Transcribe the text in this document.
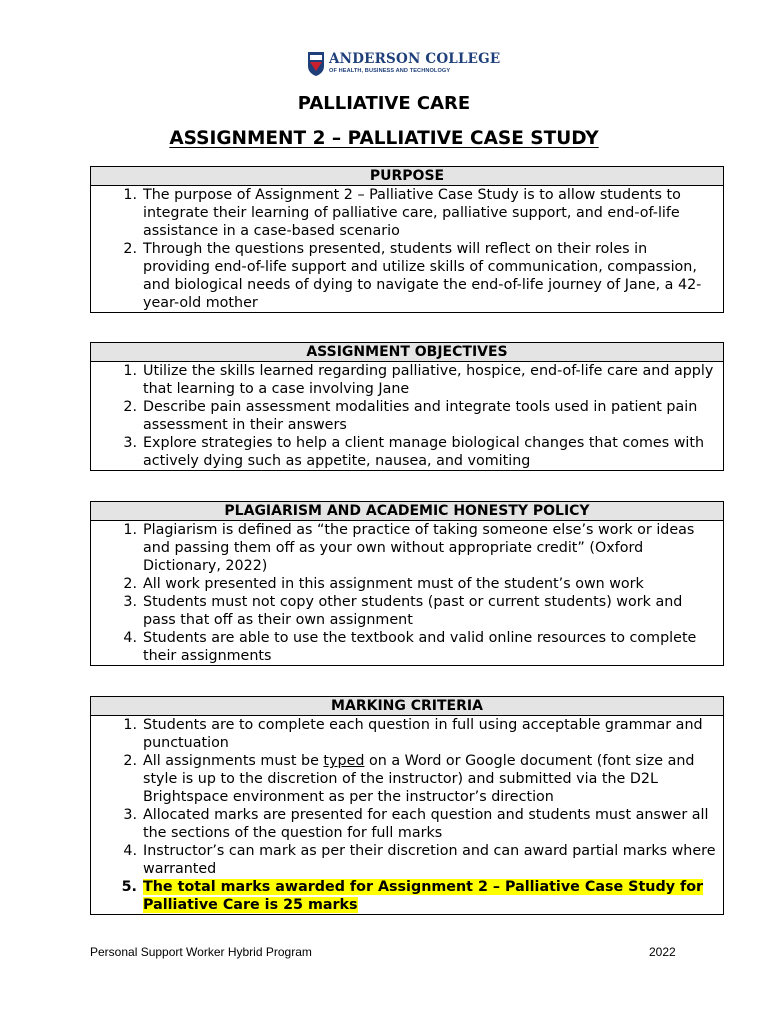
ANDERSON COLLEGE
OF HEALTH, BUSINESS AND TECHNOLOGY
PALLIATIVE CARE
ASSIGNMENT 2 – PALLIATIVE CASE STUDY
PURPOSE
1. The purpose of Assignment 2 – Palliative Case Study is to allow students to integrate their learning of palliative care, palliative support, and end-of-life assistance in a case-based scenario
2. Through the questions presented, students will reflect on their roles in providing end-of-life support and utilize skills of communication, compassion, and biological needs of dying to navigate the end-of-life journey of Jane, a 42-year-old mother
ASSIGNMENT OBJECTIVES
1. Utilize the skills learned regarding palliative, hospice, end-of-life care and apply that learning to a case involving Jane
2. Describe pain assessment modalities and integrate tools used in patient pain assessment in their answers
3. Explore strategies to help a client manage biological changes that comes with actively dying such as appetite, nausea, and vomiting
PLAGIARISM AND ACADEMIC HONESTY POLICY
1. Plagiarism is defined as “the practice of taking someone else’s work or ideas and passing them off as your own without appropriate credit” (Oxford Dictionary, 2022)
2. All work presented in this assignment must of the student’s own work
3. Students must not copy other students (past or current students) work and pass that off as their own assignment
4. Students are able to use the textbook and valid online resources to complete their assignments
MARKING CRITERIA
1. Students are to complete each question in full using acceptable grammar and punctuation
2. All assignments must be typed on a Word or Google document (font size and style is up to the discretion of the instructor) and submitted via the D2L Brightspace environment as per the instructor’s direction
3. Allocated marks are presented for each question and students must answer all the sections of the question for full marks
4. Instructor’s can mark as per their discretion and can award partial marks where warranted
5. The total marks awarded for Assignment 2 – Palliative Case Study for Palliative Care is 25 marks
Personal Support Worker Hybrid Program	2022
